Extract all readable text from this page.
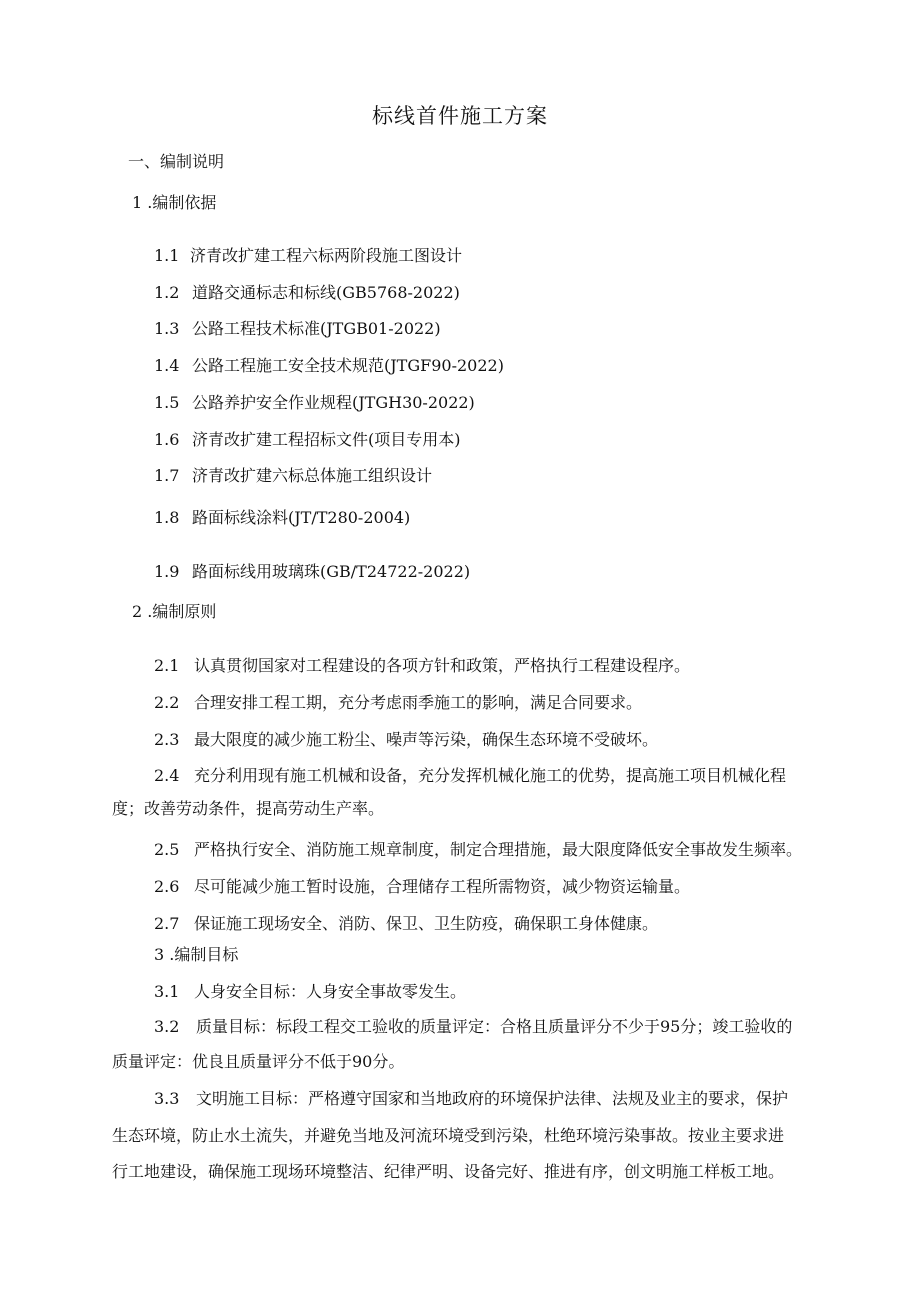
标线首件施工方案
一、编制说明
1 .编制依据
1.1 济青改扩建工程六标两阶段施工图设计
1.2 道路交通标志和标线(GB5768-2022)
1.3 公路工程技术标准(JTGB01-2022)
1.4 公路工程施工安全技术规范(JTGF90-2022)
1.5 公路养护安全作业规程(JTGH30-2022)
1.6 济青改扩建工程招标文件(项目专用本)
1.7 济青改扩建六标总体施工组织设计
1.8 路面标线涂料(JT/T280-2004)
1.9 路面标线用玻璃珠(GB/T24722-2022)
2 .编制原则
2.1 认真贯彻国家对工程建设的各项方针和政策，严格执行工程建设程序。
2.2 合理安排工程工期，充分考虑雨季施工的影响，满足合同要求。
2.3 最大限度的减少施工粉尘、噪声等污染，确保生态环境不受破坏。
2.4 充分利用现有施工机械和设备，充分发挥机械化施工的优势，提高施工项目机械化程
度；改善劳动条件，提高劳动生产率。
2.5 严格执行安全、消防施工规章制度，制定合理措施，最大限度降低安全事故发生频率。
2.6 尽可能减少施工暂时设施，合理储存工程所需物资，减少物资运输量。
2.7 保证施工现场安全、消防、保卫、卫生防疫，确保职工身体健康。
3 .编制目标
3.1 人身安全目标：人身安全事故零发生。
3.2 质量目标：标段工程交工验收的质量评定：合格且质量评分不少于95分；竣工验收的
质量评定：优良且质量评分不低于90分。
3.3 文明施工目标：严格遵守国家和当地政府的环境保护法律、法规及业主的要求，保护
生态环境，防止水土流失，并避免当地及河流环境受到污染，杜绝环境污染事故。按业主要求进
行工地建设，确保施工现场环境整洁、纪律严明、设备完好、推进有序，创文明施工样板工地。
